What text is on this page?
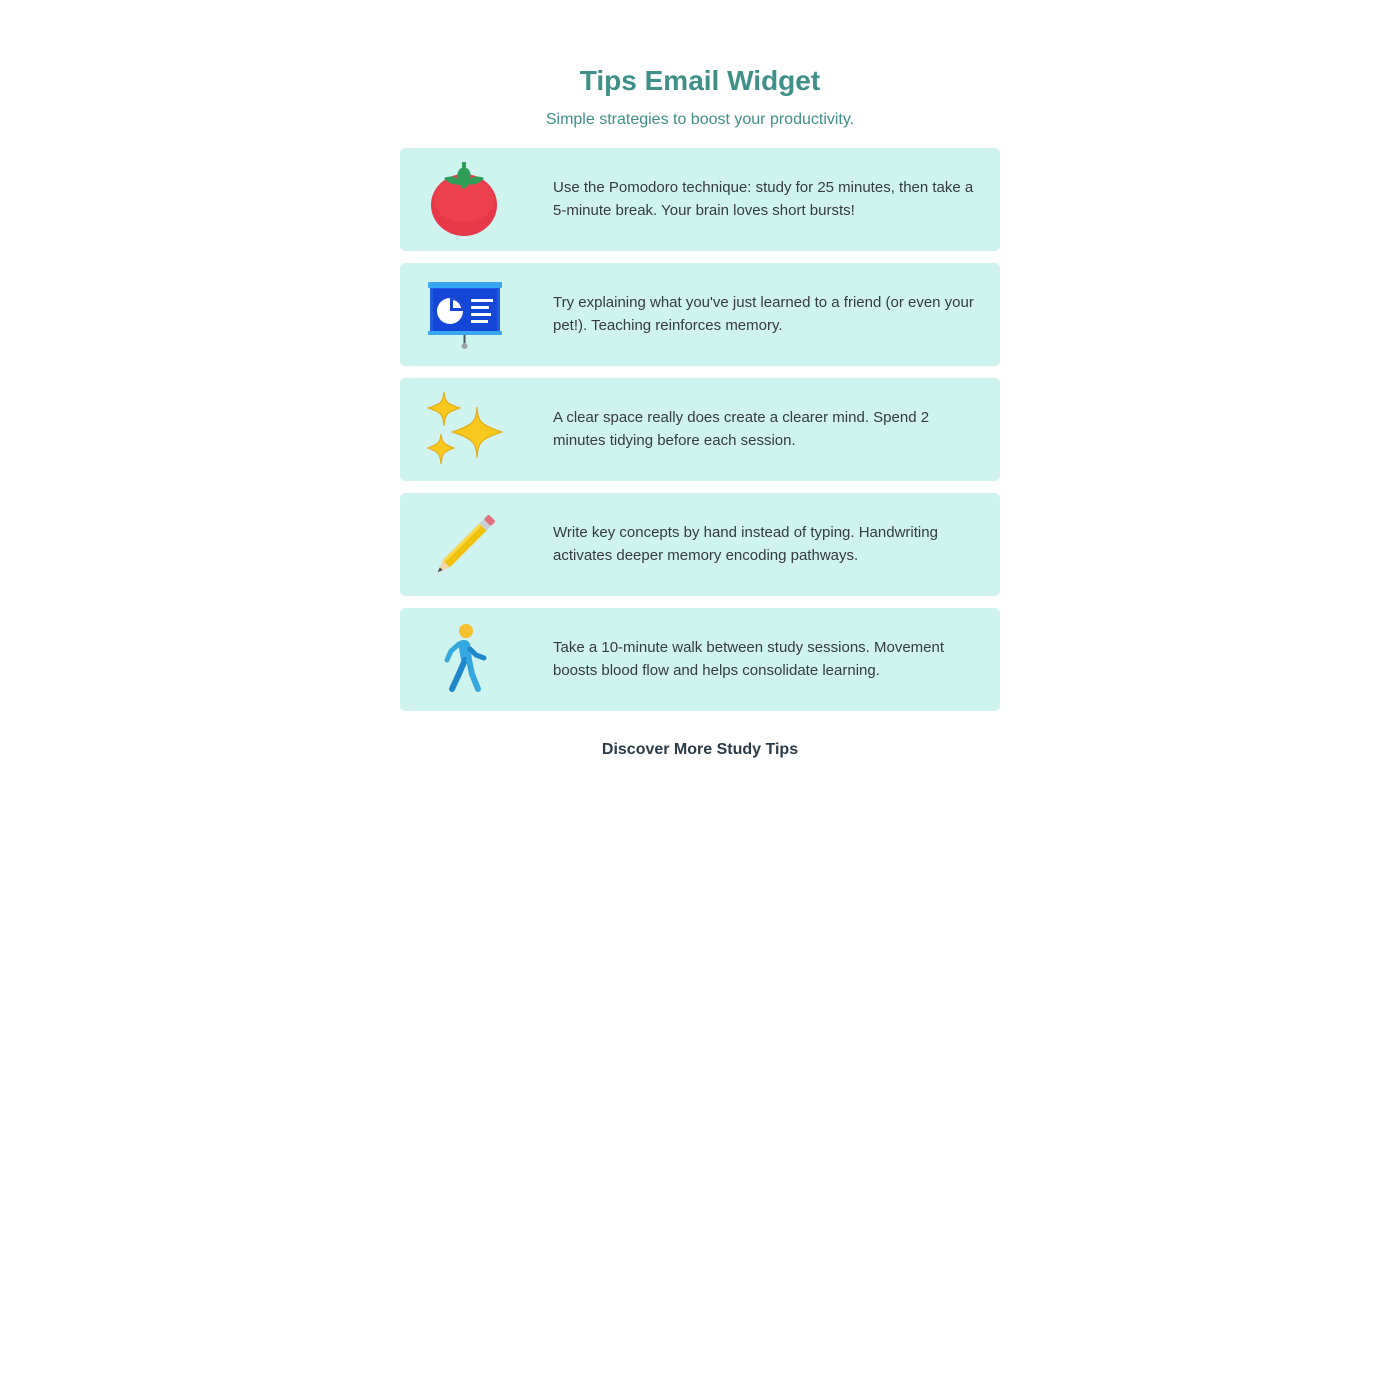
Tips Email Widget
Simple strategies to boost your productivity.
Use the Pomodoro technique: study for 25 minutes, then take a 5-minute break. Your brain loves short bursts!
Try explaining what you've just learned to a friend (or even your pet!). Teaching reinforces memory.
A clear space really does create a clearer mind. Spend 2 minutes tidying before each session.
Write key concepts by hand instead of typing. Handwriting activates deeper memory encoding pathways.
Take a 10-minute walk between study sessions. Movement boosts blood flow and helps consolidate learning.
Discover More Study Tips
